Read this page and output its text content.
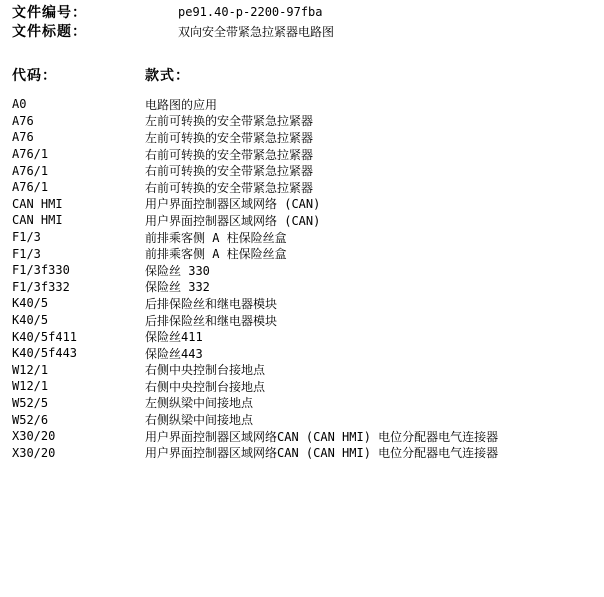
文件编号：	pe91.40-p-2200-97fba
文件标题：	双向安全带紧急拉紧器电路图
代码：	款式：
A0	电路图的应用
A76	左前可转换的安全带紧急拉紧器
A76	左前可转换的安全带紧急拉紧器
A76/1	右前可转换的安全带紧急拉紧器
A76/1	右前可转换的安全带紧急拉紧器
A76/1	右前可转换的安全带紧急拉紧器
CAN HMI	用户界面控制器区域网络 (CAN)
CAN HMI	用户界面控制器区域网络 (CAN)
F1/3	前排乘客侧 A 柱保险丝盒
F1/3	前排乘客侧 A 柱保险丝盒
F1/3f330	保险丝 330
F1/3f332	保险丝 332
K40/5	后排保险丝和继电器模块
K40/5	后排保险丝和继电器模块
K40/5f411	保险丝411
K40/5f443	保险丝443
W12/1	右侧中央控制台接地点
W12/1	右侧中央控制台接地点
W52/5	左侧纵梁中间接地点
W52/6	右侧纵梁中间接地点
X30/20	用户界面控制器区域网络CAN (CAN HMI) 电位分配器电气连接器
X30/20	用户界面控制器区域网络CAN (CAN HMI) 电位分配器电气连接器
